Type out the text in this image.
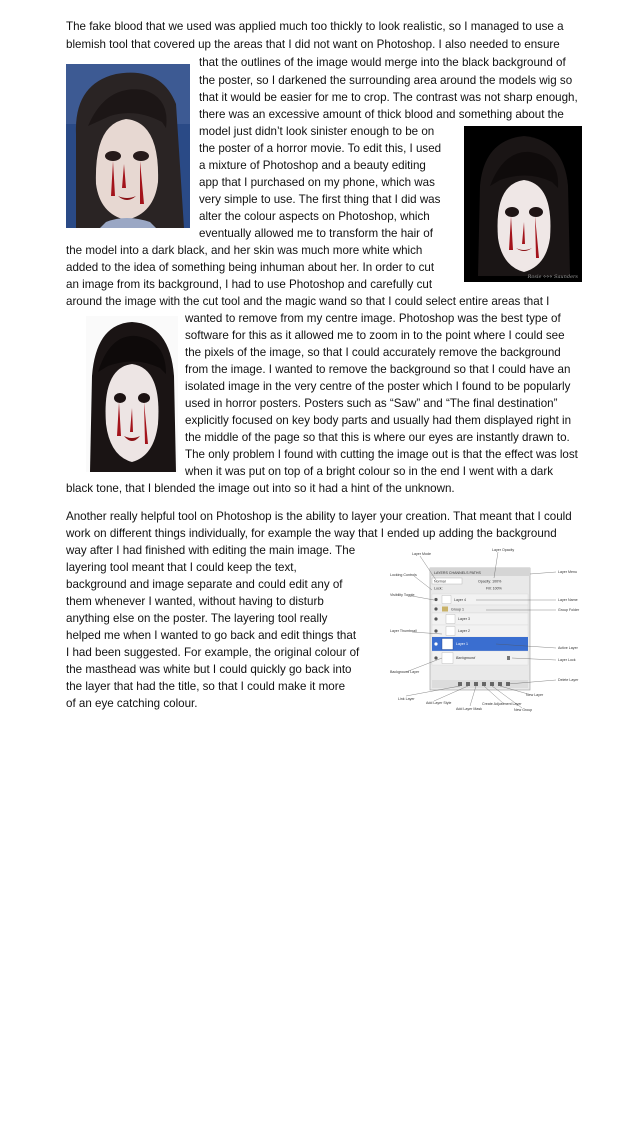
The fake blood that we used was applied much too thickly to look realistic, so I managed to use a
blemish tool that covered up the areas that I did not want on Photoshop. I also needed to ensure
that the outlines of the image would merge into the black background of
the poster, so I darkened the surrounding area around the models wig so
that it would be easier for me to crop. The contrast was not sharp enough,
there was an excessive amount of thick blood and something about the
model just didn’t look sinister enough to be on
the poster of a horror movie. To edit this, I used
a mixture of Photoshop and a beauty editing
app that I purchased on my phone, which was
very simple to use. The first thing that I did was
alter the colour aspects on Photoshop, which
eventually allowed me to transform the hair of
the model into a dark black, and her skin was much more white which
added to the idea of something being inhuman about her. In order to cut
an image from its background, I had to use Photoshop and carefully cut
around the image with the cut tool and the magic wand so that I could select entire areas that I
wanted to remove from my centre image. Photoshop was the best type of
software for this as it allowed me to zoom in to the point where I could see
the pixels of the image, so that I could accurately remove the background
from the image. I wanted to remove the background so that I could have an
isolated image in the very centre of the poster which I found to be popularly
used in horror posters. Posters such as “Saw” and “The final destination”
explicitly focused on key body parts and usually had them displayed right in
the middle of the page so that this is where our eyes are instantly drawn to.
The only problem I found with cutting the image out is that the effect was lost
when it was put on top of a bright colour so in the end I went with a dark
black tone, that I blended the image out into so it had a hint of the unknown.
Another really helpful tool on Photoshop is the ability to layer your creation. That meant that I could
work on different things individually, for example the way that I ended up adding the background
way after I had finished with editing the main image. The
layering tool meant that I could keep the text,
background and image separate and could edit any of
them whenever I wanted, without having to disturb
anything else on the poster. The layering tool really
helped me when I wanted to go back and edit things that
I had been suggested. For example, the original colour of
the masthead was white but I could quickly go back into
the layer that had the title, so that I could make it more
of an eye catching colour.
Rosie ⋄⋄⋄ Saunders
LAYERS CHANNELS PATHS
Normal	Opacity: 100%
Lock:	Fill: 100%
Layer 4
Group 1
Layer 3
Layer 2
Layer 1
Background
Layer Mode
Locking Controls
Visibility Toggle
Layer Thumbnail
Background Layer
Layer Opacity
Layer Menu
Layer Name
Group Folder
Active Layer
Layer Lock
Delete Layer
Link Layer
Add Layer Style
Add Layer Mask
Create Adjustment Layer
New Group
New Layer
